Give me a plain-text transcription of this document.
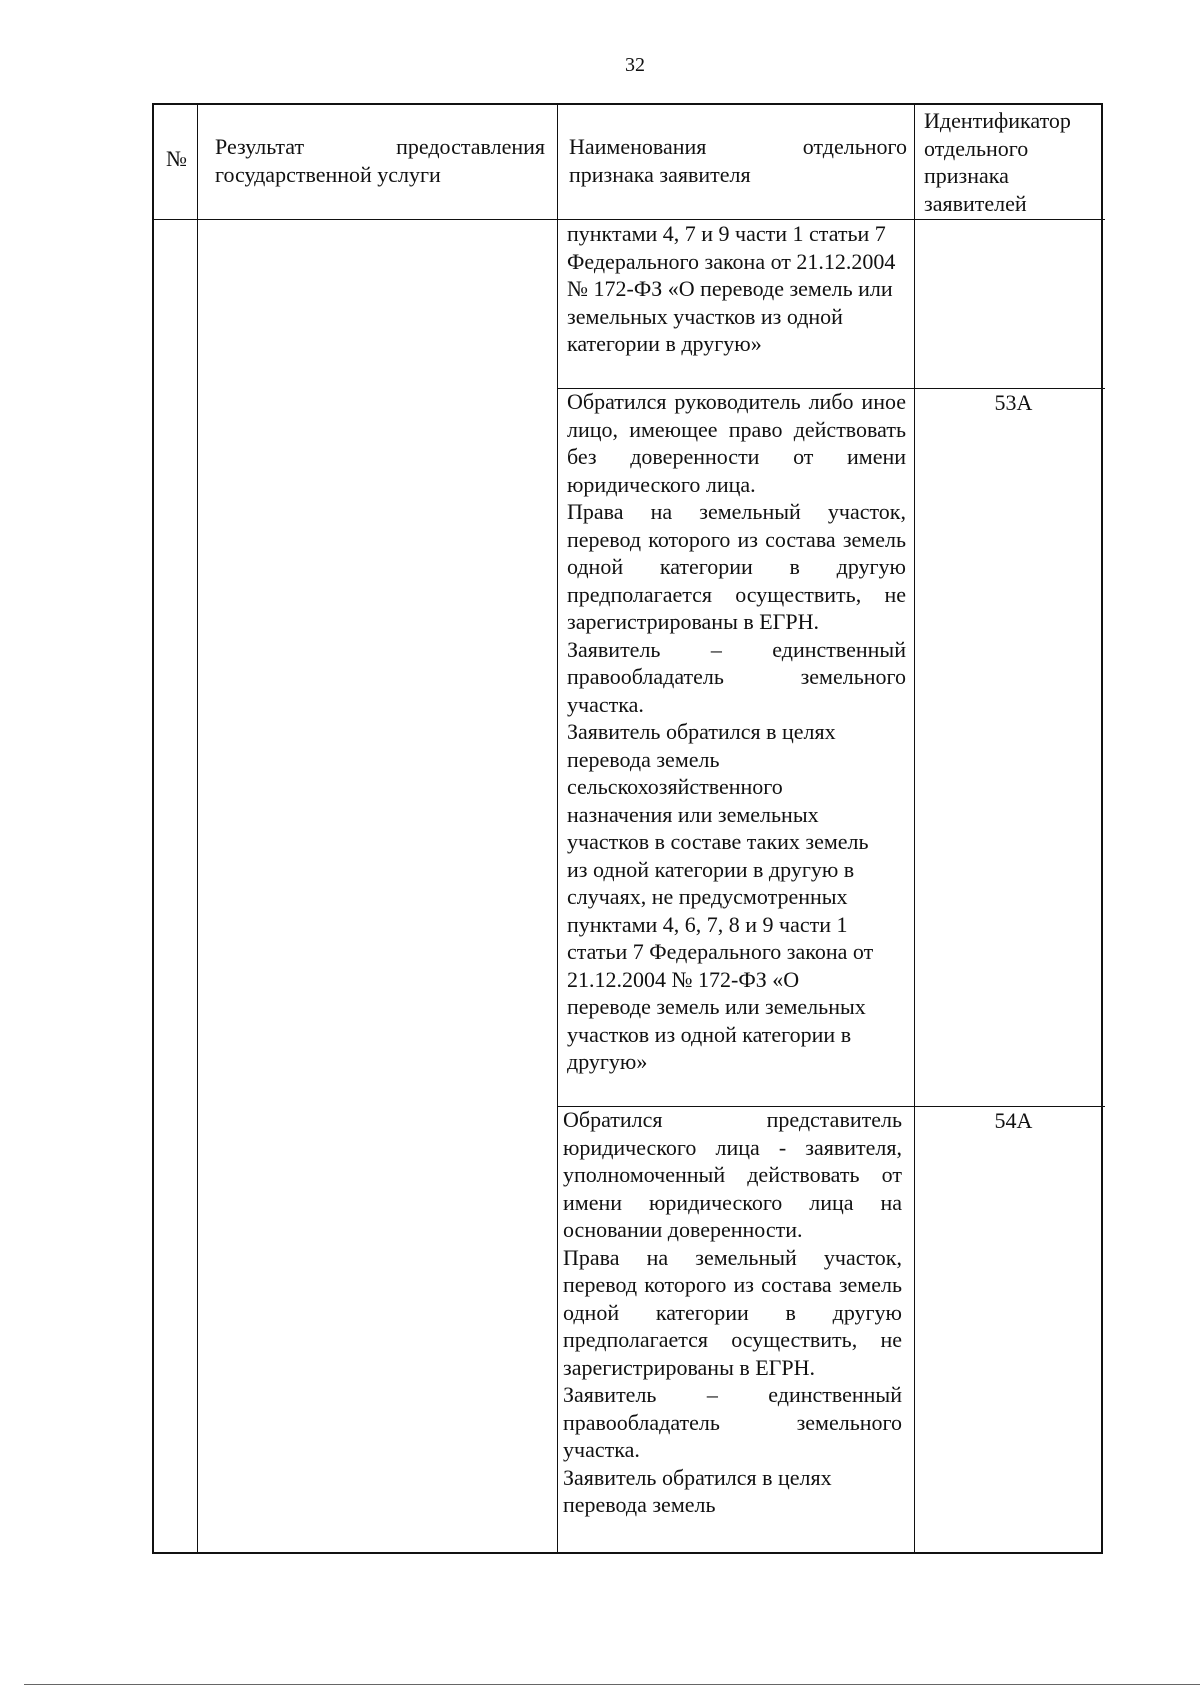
32
№	Результат предоставления
государственной услуги
Наименования отдельного
признака заявителя
Идентификатор
отдельного
признака
заявителей
пунктами 4, 7 и 9 части 1 статьи 7 Федерального закона от 21.12.2004 № 172-ФЗ «О переводе земель или земельных участков из одной категории в другую»

Обратился руководитель либо иное лицо, имеющее право действовать без доверенности от имени юридического лица.

Права на земельный участок, перевод которого из состава земель одной категории в другую предполагается осуществить, не зарегистрированы в ЕГРН.

Заявитель – единственный правообладатель земельного участка.

Заявитель обратился в целях перевода земель сельскохозяйственного назначения или земельных участков в составе таких земель из одной категории в другую в случаях, не предусмотренных пунктами 4, 6, 7, 8 и 9 части 1 статьи 7 Федерального закона от 21.12.2004 № 172-ФЗ «О переводе земель или земельных участков из одной категории в другую»

53А

Обратился представитель юридического лица - заявителя, уполномоченный действовать от имени юридического лица на основании доверенности.

Права на земельный участок, перевод которого из состава земель одной категории в другую предполагается осуществить, не зарегистрированы в ЕГРН.

Заявитель – единственный правообладатель земельного участка.

Заявитель обратился в целях перевода земель

54А
